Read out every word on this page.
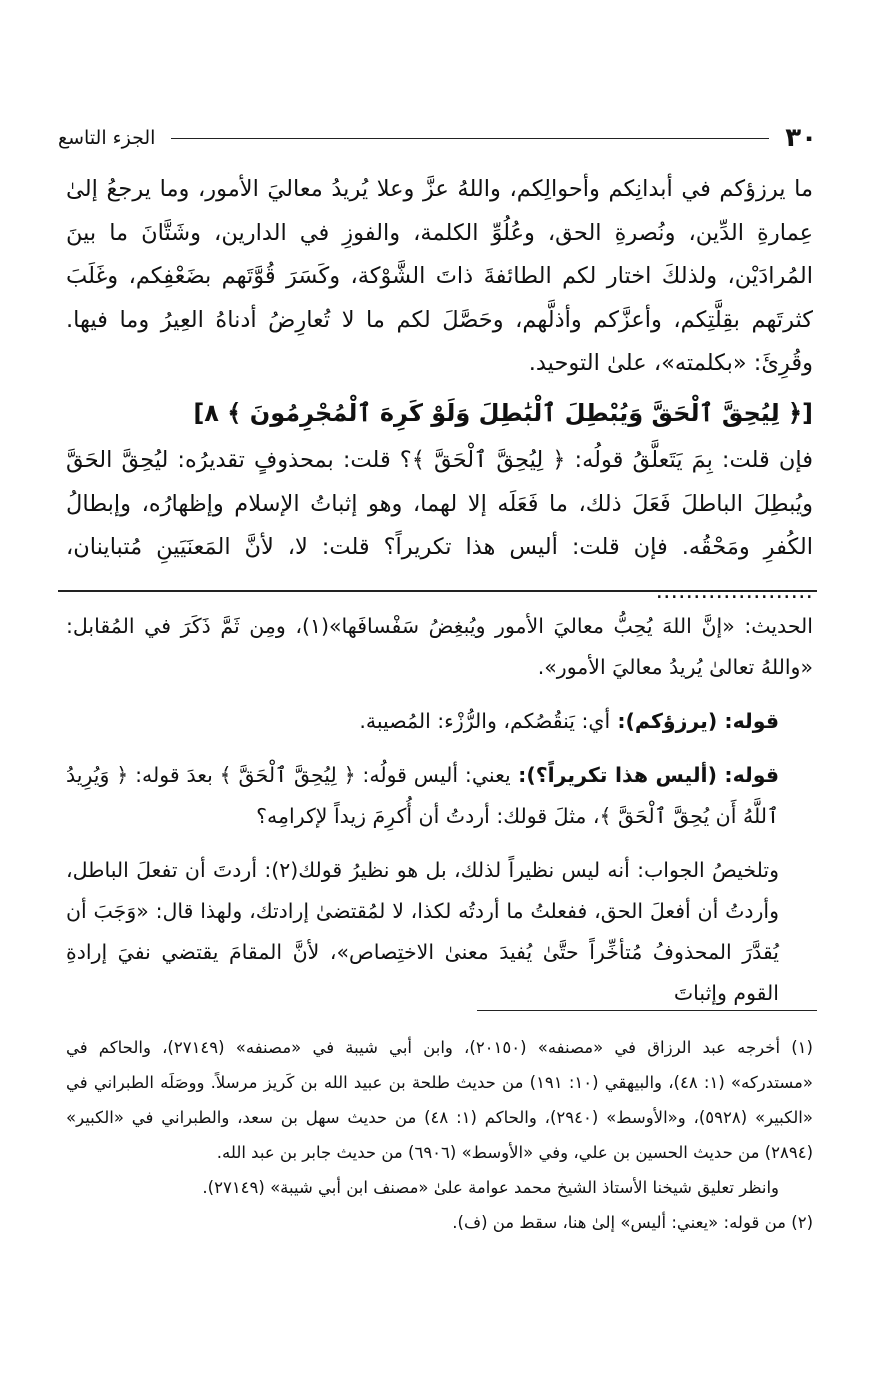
٣٠
الجزء التاسع

ما يرزؤكم في أبدانِكم وأحوالِكم، واللهُ عزَّ وعلا يُريدُ معاليَ الأمور، وما يرجعُ إلىٰ عِمارةِ الدِّين، ونُصرةِ الحق، وعُلُوِّ الكلمة، والفوزِ في الدارين، وشَتَّانَ ما بينَ المُرادَيْن، ولذلكَ اختار لكم الطائفةَ ذاتَ الشَّوْكة، وكَسَرَ قُوَّتَهم بضَعْفِكم، وغَلَبَ كثرتَهم بقِلَّتِكم، وأعزَّكم وأذلَّهم، وحَصَّلَ لكم ما لا تُعارِضُ أدناهُ العِيرُ وما فيها. وقُرِئَ: «بكلمته»، علىٰ التوحيد.

[﴿ لِيُحِقَّ ٱلْحَقَّ وَيُبْطِلَ ٱلْبَٰطِلَ وَلَوْ كَرِهَ ٱلْمُجْرِمُونَ ﴾ ٨]

فإن قلت: بِمَ يَتَعلَّقُ قولُه: ﴿ لِيُحِقَّ ٱلْحَقَّ ﴾؟ قلت: بمحذوفٍ تقديرُه: ليُحِقَّ الحَقَّ ويُبطِلَ الباطلَ فَعَلَ ذلك، ما فَعَلَه إلا لهما، وهو إثباتُ الإسلام وإظهارُه، وإبطالُ الكُفرِ ومَحْقُه. فإن قلت: أليس هذا تكريراً؟ قلت: لا، لأنَّ المَعنَيَينِ مُتباينان، …………………

الحديث: «إنَّ اللهَ يُحِبُّ معاليَ الأمور ويُبغِضُ سَفْسافَها»(١)، ومِن ثَمَّ ذَكَرَ في المُقابل: «واللهُ تعالىٰ يُريدُ معاليَ الأمور».

قوله: (يرزؤكم): أي: يَنقُصُكم، والرُّزْء: المُصيبة.

قوله: (أليس هذا تكريراً؟): يعني: أليس قولُه: ﴿ لِيُحِقَّ ٱلْحَقَّ ﴾ بعدَ قوله: ﴿ وَيُرِيدُ ٱللَّهُ أَن يُحِقَّ ٱلْحَقَّ ﴾، مثلَ قولك: أردتُ أن أُكرِمَ زيداً لإكرامِه؟

وتلخيصُ الجواب: أنه ليس نظيراً لذلك، بل هو نظيرُ قولك(٢): أردتَ أن تفعلَ الباطل، وأردتُ أن أفعلَ الحق، ففعلتُ ما أردتُه لكذا، لا لمُقتضىٰ إرادتك، ولهذا قال: «وَجَبَ أن يُقدَّرَ المحذوفُ مُتأخِّراً حتَّىٰ يُفيدَ معنىٰ الاختِصاص»، لأنَّ المقامَ يقتضي نفيَ إرادةِ القوم وإثباتَ

(١) أخرجه عبد الرزاق في «مصنفه» (٢٠١٥٠)، وابن أبي شيبة في «مصنفه» (٢٧١٤٩)، والحاكم في «مستدركه» (١: ٤٨)، والبيهقي (١٠: ١٩١) من حديث طلحة بن عبيد الله بن كَريز مرسلاً. ووصَلَه الطبراني في «الكبير» (٥٩٢٨)، و«الأوسط» (٢٩٤٠)، والحاكم (١: ٤٨) من حديث سهل بن سعد، والطبراني في «الكبير» (٢٨٩٤) من حديث الحسين بن علي، وفي «الأوسط» (٦٩٠٦) من حديث جابر بن عبد الله.

وانظر تعليق شيخنا الأستاذ الشيخ محمد عوامة علىٰ «مصنف ابن أبي شيبة» (٢٧١٤٩).

(٢) من قوله: «يعني: أليس» إلىٰ هنا، سقط من (ف).
